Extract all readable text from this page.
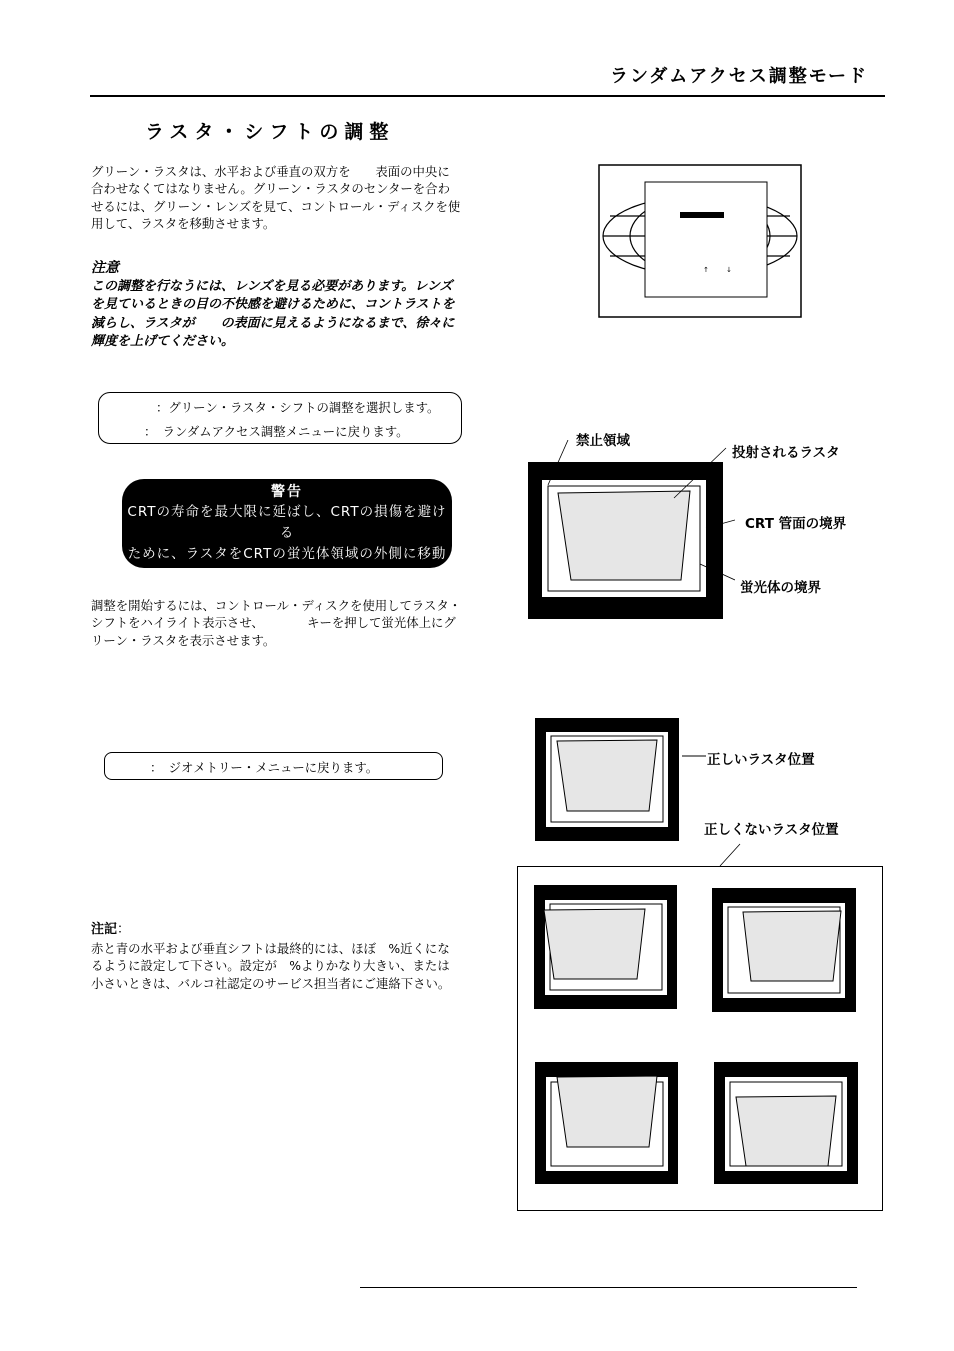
ランダムアクセス調整モード
ラスタ・シフトの調整
グリーン・ラスタは、水平および垂直の双方を　　表面の中央に
合わせなくてはなりません。グリーン・ラスタのセンターを合わ
せるには、グリーン・レンズを見て、コントロール・ディスクを使
用して、ラスタを移動させます。
注意
この調整を行なうには、レンズを見る必要があります。レンズ
を見ているときの目の不快感を避けるために、コントラストを
減らし、ラスタが　　の表面に見えるようになるまで、徐々に
輝度を上げてください。
：グリーン・ラスタ・シフトの調整を選択します。
：　ランダムアクセス調整メニューに戻ります。
警告
CRTの寿命を最大限に延ばし、CRTの損傷を避ける
ために、ラスタをCRTの蛍光体領域の外側に移動
しないでください。
調整を開始するには、コントロール・ディスクを使用してラスタ・
シフトをハイライト表示させ、　　　　キーを押して蛍光体上にグ
リーン・ラスタを表示させます。
：　ジオメトリー・メニューに戻ります。
注記：
赤と青の水平および垂直シフトは最終的には、ほぼ　%近くにな
るように設定して下さい。設定が　%よりかなり大きい、または
小さいときは、バルコ社認定のサービス担当者にご連絡下さい。
↑ ↓
禁止領域
投射されるラスタ
CRT 管面の境界
蛍光体の境界
正しいラスタ位置
正しくないラスタ位置
